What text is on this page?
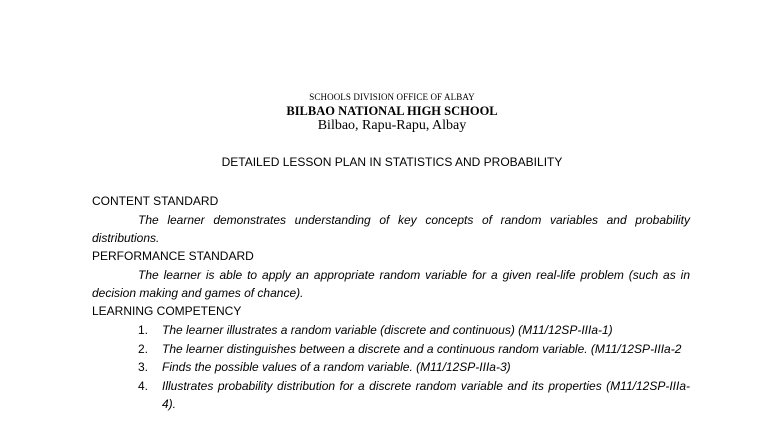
SCHOOLS DIVISION OFFICE OF ALBAY
BILBAO NATIONAL HIGH SCHOOL
Bilbao, Rapu-Rapu, Albay
DETAILED LESSON PLAN IN STATISTICS AND PROBABILITY
CONTENT STANDARD
The learner demonstrates understanding of key concepts of random variables and probability distributions.
PERFORMANCE STANDARD
The learner is able to apply an appropriate random variable for a given real-life problem (such as in decision making and games of chance).
LEARNING COMPETENCY
1. The learner illustrates a random variable (discrete and continuous) (M11/12SP-IIIa-1)
2. The learner distinguishes between a discrete and a continuous random variable. (M11/12SP-IIIa-2
3. Finds the possible values of a random variable. (M11/12SP-IIIa-3)
4. Illustrates probability distribution for a discrete random variable and its properties (M11/12SP-IIIa-4).
